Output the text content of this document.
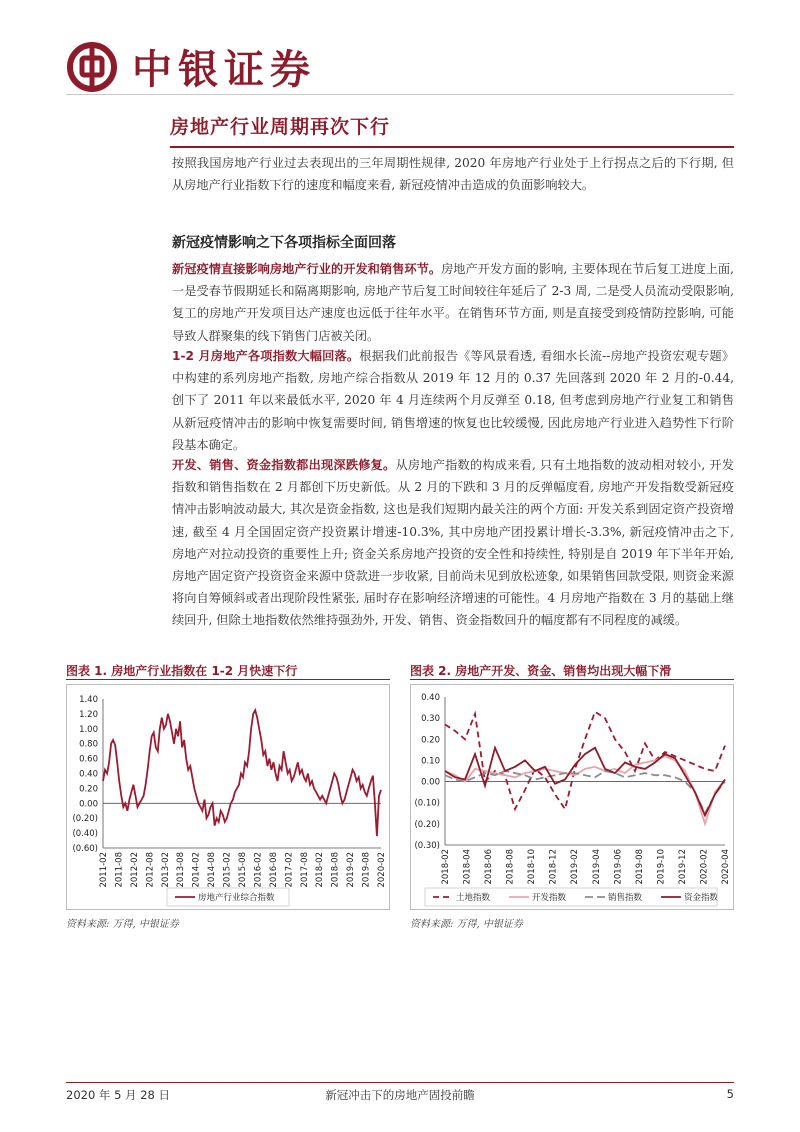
中银证券
房地产行业周期再次下行

按照我国房地产行业过去表现出的三年周期性规律, 2020 年房地产行业处于上行拐点之后的下行期, 但从房地产行业指数下行的速度和幅度来看, 新冠疫情冲击造成的负面影响较大。

新冠疫情影响之下各项指标全面回落

新冠疫情直接影响房地产行业的开发和销售环节。房地产开发方面的影响, 主要体现在节后复工进度上面, 一是受春节假期延长和隔离期影响, 房地产节后复工时间较往年延后了 2-3 周, 二是受人员流动受限影响, 复工的房地产开发项目达产速度也远低于往年水平。在销售环节方面, 则是直接受到疫情防控影响, 可能导致人群聚集的线下销售门店被关闭。

1-2 月房地产各项指数大幅回落。根据我们此前报告《等风景看透, 看细水长流--房地产投资宏观专题》中构建的系列房地产指数, 房地产综合指数从 2019 年 12 月的 0.37 先回落到 2020 年 2 月的-0.44, 创下了 2011 年以来最低水平, 2020 年 4 月连续两个月反弹至 0.18, 但考虑到房地产行业复工和销售从新冠疫情冲击的影响中恢复需要时间, 销售增速的恢复也比较缓慢, 因此房地产行业进入趋势性下行阶段基本确定。

开发、销售、资金指数都出现深跌修复。从房地产指数的构成来看, 只有土地指数的波动相对较小, 开发指数和销售指数在 2 月都创下历史新低。从 2 月的下跌和 3 月的反弹幅度看, 房地产开发指数受新冠疫情冲击影响波动最大, 其次是资金指数, 这也是我们短期内最关注的两个方面: 开发关系到固定资产投资增速, 截至 4 月全国固定资产投资累计增速-10.3%, 其中房地产团投累计增长-3.3%, 新冠疫情冲击之下, 房地产对拉动投资的重要性上升; 资金关系房地产投资的安全性和持续性, 特别是自 2019 年下半年开始, 房地产固定资产投资资金来源中贷款进一步收紧, 目前尚未见到放松迹象, 如果销售回款受限, 则资金来源将向自筹倾斜或者出现阶段性紧张, 届时存在影响经济增速的可能性。4 月房地产指数在 3 月的基础上继续回升, 但除土地指数依然维持强劲外, 开发、销售、资金指数回升的幅度都有不同程度的减缓。

图表 1. 房地产行业指数在 1-2 月快速下行
1.40
1.20
1.00
0.80
0.60
0.40
0.20
0.00
(0.20)
(0.40)
(0.60)
2011-02 2011-08 2012-02 2012-08 2013-02 2013-08 2014-02 2014-08 2015-02 2015-08 2016-02 2016-08 2017-02 2017-08 2018-02 2018-08 2019-02 2019-08 2020-02
房地产行业综合指数
资料来源: 万得, 中银证券
图表 2. 房地产开发、资金、销售均出现大幅下滑
0.40
0.30
0.20
0.10
0.00
(0.10)
(0.20)
(0.30)
2018-02 2018-04 2018-06 2018-08 2018-10 2018-12 2019-02 2019-04 2019-06 2019-08 2019-10 2019-12 2020-02 2020-04
土地指数	开发指数	销售指数	资金指数
资料来源: 万得, 中银证券
2020 年 5 月 28 日	新冠冲击下的房地产固投前瞻	5
